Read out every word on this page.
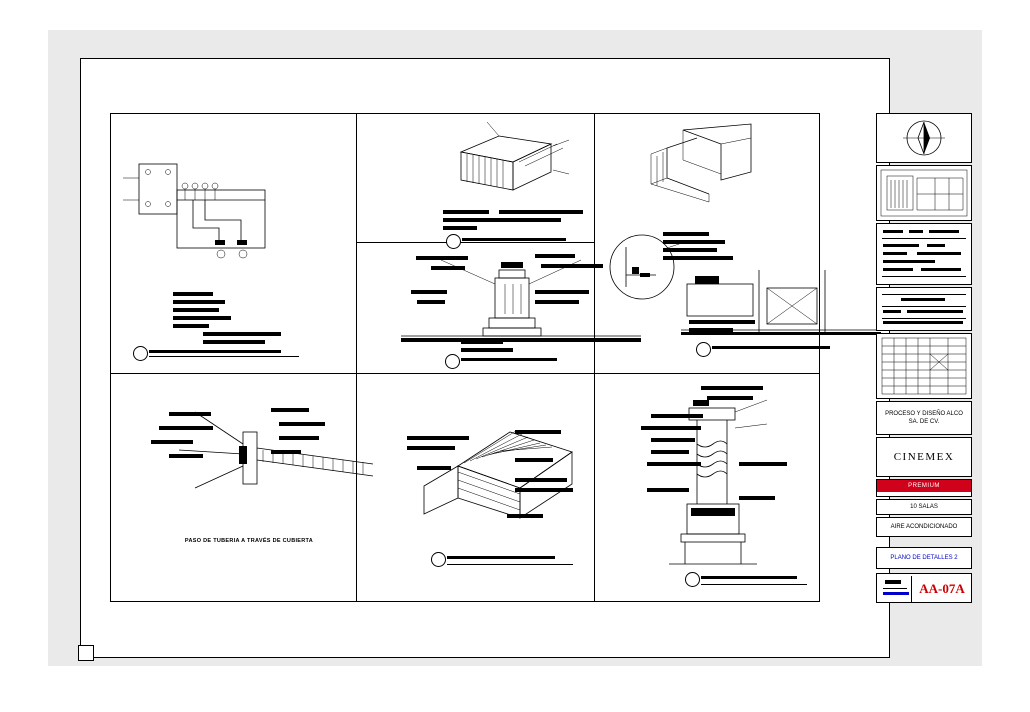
PASO DE TUBERIA A TRAVÉS DE CUBIERTA
PROCESO Y DISEÑO ALCO
SA. DE CV.
CINEMEX
PREMIUM
10 SALAS
AIRE ACONDICIONADO
PLANO DE DETALLES 2
AA-07A
